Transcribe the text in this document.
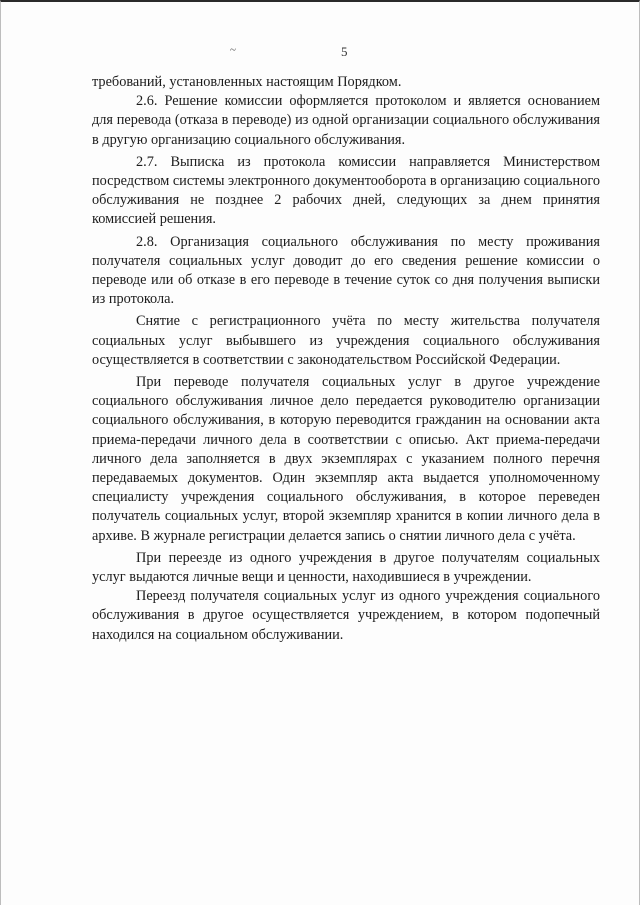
~	5

требований, установленных настоящим Порядком.

2.6. Решение комиссии оформляется протоколом и является основанием для перевода (отказа в переводе) из одной организации социального обслуживания в другую организацию социального обслуживания.

2.7. Выписка из протокола комиссии направляется Министерством посредством системы электронного документооборота в организацию социального обслуживания не позднее 2 рабочих дней, следующих за днем принятия комиссией решения.

2.8. Организация социального обслуживания по месту проживания получателя социальных услуг доводит до его сведения решение комиссии о переводе или об отказе в его переводе в течение суток со дня получения выписки из протокола.

Снятие с регистрационного учёта по месту жительства получателя социальных услуг выбывшего из учреждения социального обслуживания осуществляется в соответствии с законодательством Российской Федерации.

При переводе получателя социальных услуг в другое учреждение социального обслуживания личное дело передается руководителю организации социального обслуживания, в которую переводится гражданин на основании акта приема-передачи личного дела в соответствии с описью. Акт приема-передачи личного дела заполняется в двух экземплярах с указанием полного перечня передаваемых документов. Один экземпляр акта выдается уполномоченному специалисту учреждения социального обслуживания, в которое переведен получатель социальных услуг, второй экземпляр хранится в копии личного дела в архиве. В журнале регистрации делается запись о снятии личного дела с учёта.

При переезде из одного учреждения в другое получателям социальных услуг выдаются личные вещи и ценности, находившиеся в учреждении.

Переезд получателя социальных услуг из одного учреждения социального обслуживания в другое осуществляется учреждением, в котором подопечный находился на социальном обслуживании.
